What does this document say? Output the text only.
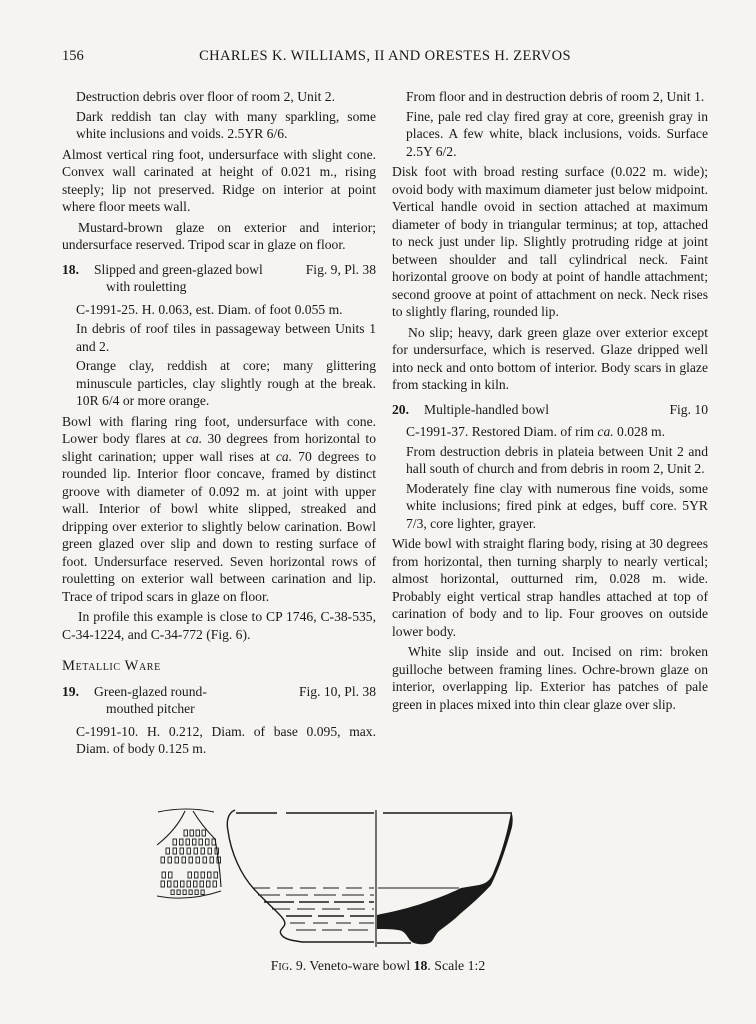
156	CHARLES K. WILLIAMS, II AND ORESTES H. ZERVOS
Destruction debris over floor of room 2, Unit 2.
Dark reddish tan clay with many sparkling, some white inclusions and voids. 2.5YR 6/6.
Almost vertical ring foot, undersurface with slight cone. Convex wall carinated at height of 0.021 m., rising steeply; lip not preserved. Ridge on interior at point where floor meets wall.
Mustard-brown glaze on exterior and interior; undersurface reserved. Tripod scar in glaze on floor.
18.	Slipped and green-glazed bowl	Fig. 9, Pl. 38
with rouletting
C-1991-25. H. 0.063, est. Diam. of foot 0.055 m.
In debris of roof tiles in passageway between Units 1 and 2.
Orange clay, reddish at core; many glittering minuscule particles, clay slightly rough at the break. 10R 6/4 or more orange.
Bowl with flaring ring foot, undersurface with cone. Lower body flares at ca. 30 degrees from horizontal to slight carination; upper wall rises at ca. 70 degrees to rounded lip. Interior floor concave, framed by distinct groove with diameter of 0.092 m. at joint with upper wall. Interior of bowl white slipped, streaked and dripping over exterior to slightly below carination. Bowl green glazed over slip and down to resting surface of foot. Undersurface reserved. Seven horizontal rows of rouletting on exterior wall between carination and lip. Trace of tripod scars in glaze on floor.
In profile this example is close to CP 1746, C-38-535, C-34-1224, and C-34-772 (Fig. 6).
Metallic Ware
19.	Green-glazed round-	Fig. 10, Pl. 38
mouthed pitcher
C-1991-10. H. 0.212, Diam. of base 0.095, max. Diam. of body 0.125 m.
From floor and in destruction debris of room 2, Unit 1.
Fine, pale red clay fired gray at core, greenish gray in places. A few white, black inclusions, voids. Surface 2.5Y 6/2.
Disk foot with broad resting surface (0.022 m. wide); ovoid body with maximum diameter just below midpoint. Vertical handle ovoid in section attached at maximum diameter of body in triangular terminus; at top, attached to neck just under lip. Slightly protruding ridge at joint between shoulder and tall cylindrical neck. Faint horizontal groove on body at point of handle attachment; second groove at point of attachment on neck. Neck rises to slightly flaring, rounded lip.
No slip; heavy, dark green glaze over exterior except for undersurface, which is reserved. Glaze dripped well into neck and onto bottom of interior. Body scars in glaze from stacking in kiln.
20.	Multiple-handled bowl	Fig. 10
C-1991-37. Restored Diam. of rim ca. 0.028 m.
From destruction debris in plateia between Unit 2 and hall south of church and from debris in room 2, Unit 2.
Moderately fine clay with numerous fine voids, some white inclusions; fired pink at edges, buff core. 5YR 7/3, core lighter, grayer.
Wide bowl with straight flaring body, rising at 30 degrees from horizontal, then turning sharply to nearly vertical; almost horizontal, outturned rim, 0.028 m. wide. Probably eight vertical strap handles attached at top of carination of body and to lip. Four grooves on outside lower body.
White slip inside and out. Incised on rim: broken guilloche between framing lines. Ochre-brown glaze on interior, overlapping lip. Exterior has patches of pale green in places mixed into thin clear glaze over slip.
Fig. 9. Veneto-ware bowl 18. Scale 1:2
